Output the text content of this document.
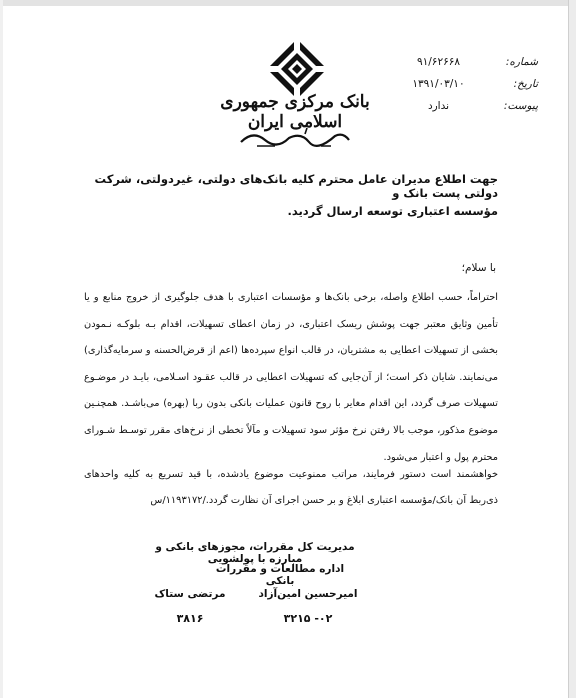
بانک مرکزی جمهوری اسلامی ایران
شماره:۹۱/۶۲۶۶۸
تاریخ:۱۳۹۱/۰۳/۱۰
پیوست:ندارد
جهت اطلاع مدیران عامل محترم کلیه بانک‌های دولتی، غیردولتی، شرکت دولتی پست بانک و
مؤسسه اعتباری توسعه ارسال گردید.
با سلام؛

احتراماً، حسب اطلاع واصله، برخی بانک‌ها و مؤسسات اعتباری با هدف جلوگیری از خروج منابع و یا تأمین وثایق معتبر جهت پوشش ریسک اعتباری، در زمان اعطای تسهیلات، اقدام بـه بلوکـه نـمودن بخشی از تسهیلات اعطایی به مشتریان، در قالب انواع سپرده‌ها (اعم از قرض‌الحسنه و سرمایه‌گذاری) می‌نمایند. شایان ذکر است؛ از آن‌جایی که تسهیلات اعطایی در قالب عقـود اسـلامی، بایـد در موضـوع تسهیلات صرف گردد، این اقدام مغایر با روح قانون عملیات بانکی بدون ربا (بهره) می‌باشـد. همچنـین موضوع مذکور، موجب بالا رفتن نرخ مؤثر سود تسهیلات و مآلاً تخطی از نرخ‌های مقرر توسـط شـورای محترم پول و اعتبار می‌شود.

خواهشمند است دستور فرمایند، مراتب ممنوعیت موضوع یادشده، با قید تسریع به کلیه واحدهای ذی‌ربط آن بانک/مؤسسه اعتباری ابلاغ و بر حسن اجرای آن نظارت گردد./۱۱۹۳۱۷۲/س
مدیریت کل مقررات، مجوزهای بانکی و مبارزه با پولشویی
اداره مطالعات و مقررات بانکی
امیرحسین امین‌آزاد
مرتضی ستاک
۰۲- ۳۲۱۵
۳۸۱۶
